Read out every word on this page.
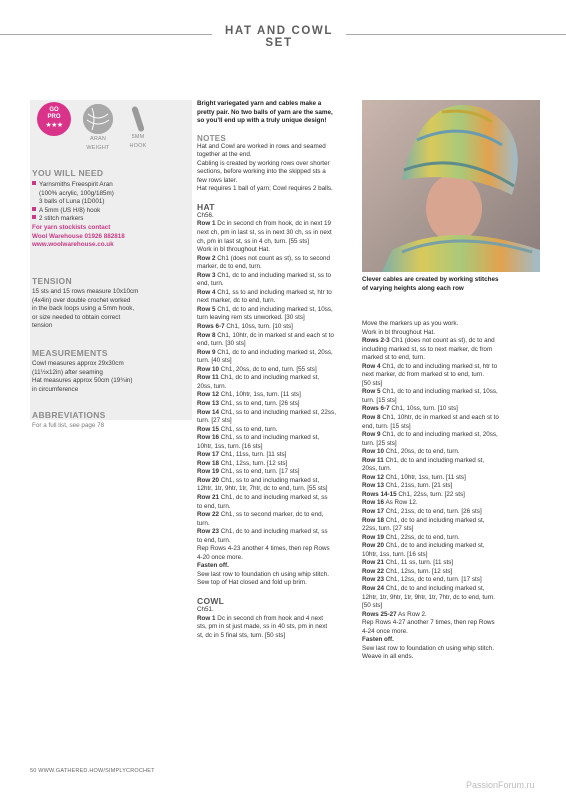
HAT AND COWL SET
GO
PRO
★★★
ARAN
WEIGHT
5MM
HOOK
YOU WILL NEED
Yarnsmiths Freespirit Aran
(100% acrylic, 100g/185m)
3 balls of Luna (1D001)
A 5mm (US H/8) hook
2 stitch markers
For yarn stockists contact
Wool Warehouse 01926 882818
www.woolwarehouse.co.uk
TENSION
15 sts and 15 rows measure 10x10cm
(4x4in) over double crochet worked
in the back loops using a 5mm hook,
or size needed to obtain correct
tension
MEASUREMENTS
Cowl measures approx 29x30cm
(11½x12in) after seaming
Hat measures approx 50cm (19¾in)
in circumference
ABBREVIATIONS
For a full list, see page 78
Bright variegated yarn and cables make a
pretty pair. No two balls of yarn are the same,
so you’ll end up with a truly unique design!
NOTES
Hat and Cowl are worked in rows and seamed
together at the end.
Cabling is created by working rows over shorter
sections, before working into the skipped sts a
few rows later.
Hat requires 1 ball of yarn; Cowl requires 2 balls.
HAT
Ch56.
Row 1 Dc in second ch from hook, dc in next 19
next ch, pm in last st, ss in next 30 ch, ss in next
ch, pm in last st, ss in 4 ch, turn. [55 sts]
Work in bl throughout Hat.
Row 2 Ch1 (does not count as st), ss to second
marker, dc to end, turn.
Row 3 Ch1, dc to and including marked st, ss to
end, turn.
Row 4 Ch1, ss to and including marked st, htr to
next marker, dc to end, turn.
Row 5 Ch1, dc to and including marked st, 10ss,
turn leaving rem sts unworked. [30 sts]
Rows 6-7 Ch1, 10ss, turn. [10 sts]
Row 8 Ch1, 10htr, dc in marked st and each st to
end, turn. [30 sts]
Row 9 Ch1, dc to and including marked st, 20ss,
turn. [40 sts]
Row 10 Ch1, 20ss, dc to end, turn. [55 sts]
Row 11 Ch1, dc to and including marked st,
20ss, turn.
Row 12 Ch1, 10htr, 1ss, turn. [11 sts]
Row 13 Ch1, ss to end, turn. [26 sts]
Row 14 Ch1, ss to and including marked st, 22ss,
turn. [27 sts]
Row 15 Ch1, ss to end, turn.
Row 16 Ch1, ss to and including marked st,
10htr, 1ss, turn. [16 sts]
Row 17 Ch1, 11ss, turn. [11 sts]
Row 18 Ch1, 12ss, turn. [12 sts]
Row 19 Ch1, ss to end, turn. [17 sts]
Row 20 Ch1, ss to and including marked st,
12htr, 1tr, 9htr, 1tr, 7htr, dc to end, turn. [55 sts]
Row 21 Ch1, dc to and including marked st, ss
to end, turn.
Row 22 Ch1, ss to second marker, dc to end,
turn.
Row 23 Ch1, dc to and including marked st, ss
to end, turn.
Rep Rows 4-23 another 4 times, then rep Rows
4-20 once more.
Fasten off.
Sew last row to foundation ch using whip stitch.
Sew top of Hat closed and fold up brim.
COWL
Ch51.
Row 1 Dc in second ch from hook and 4 next
sts, pm in st just made, ss in 40 sts, pm in next
st, dc in 5 final sts, turn. [50 sts]
Clever cables are created by working stitches
of varying heights along each row
Move the markers up as you work.
Work in bl throughout Hat.
Rows 2-3 Ch1 (does not count as st), dc to and
including marked st, ss to next marker, dc from
marked st to end, turn.
Row 4 Ch1, dc to and including marked st, htr to
next marker, dc from marked st to end, turn.
[50 sts]
Row 5 Ch1, dc to and including marked st, 10ss,
turn. [15 sts]
Rows 6-7 Ch1, 10ss, turn. [10 sts]
Row 8 Ch1, 10htr, dc in marked st and each st to
end, turn. [15 sts]
Row 9 Ch1, dc to and including marked st, 20ss,
turn. [25 sts]
Row 10 Ch1, 20ss, dc to end, turn.
Row 11 Ch1, dc to and including marked st,
20ss, turn.
Row 12 Ch1, 10htr, 1ss, turn. [11 sts]
Row 13 Ch1, 21ss, turn. [21 sts]
Rows 14-15 Ch1, 22ss, turn. [22 sts]
Row 16 As Row 12.
Row 17 Ch1, 21ss, dc to end, turn. [26 sts]
Row 18 Ch1, dc to and including marked st,
22ss, turn. [27 sts]
Row 19 Ch1, 22ss, dc to end, turn.
Row 20 Ch1, dc to and including marked st,
10htr, 1ss, turn. [16 sts]
Row 21 Ch1, 11 ss, turn. [11 sts]
Row 22 Ch1, 12ss, turn. [12 sts]
Row 23 Ch1, 12ss, dc to end, turn. [17 sts]
Row 24 Ch1, dc to and including marked st,
12htr, 1tr, 9htr, 1tr, 9htr, 1tr, 7htr, dc to end, turn.
[50 sts]
Rows 25-27 As Row 2.
Rep Rows 4-27 another 7 times, then rep Rows
4-24 once more.
Fasten off.
Sew last row to foundation ch using whip stitch.
Weave in all ends.
50 WWW.GATHERED.HOW/SIMPLYCROCHET
PassionForum.ru
